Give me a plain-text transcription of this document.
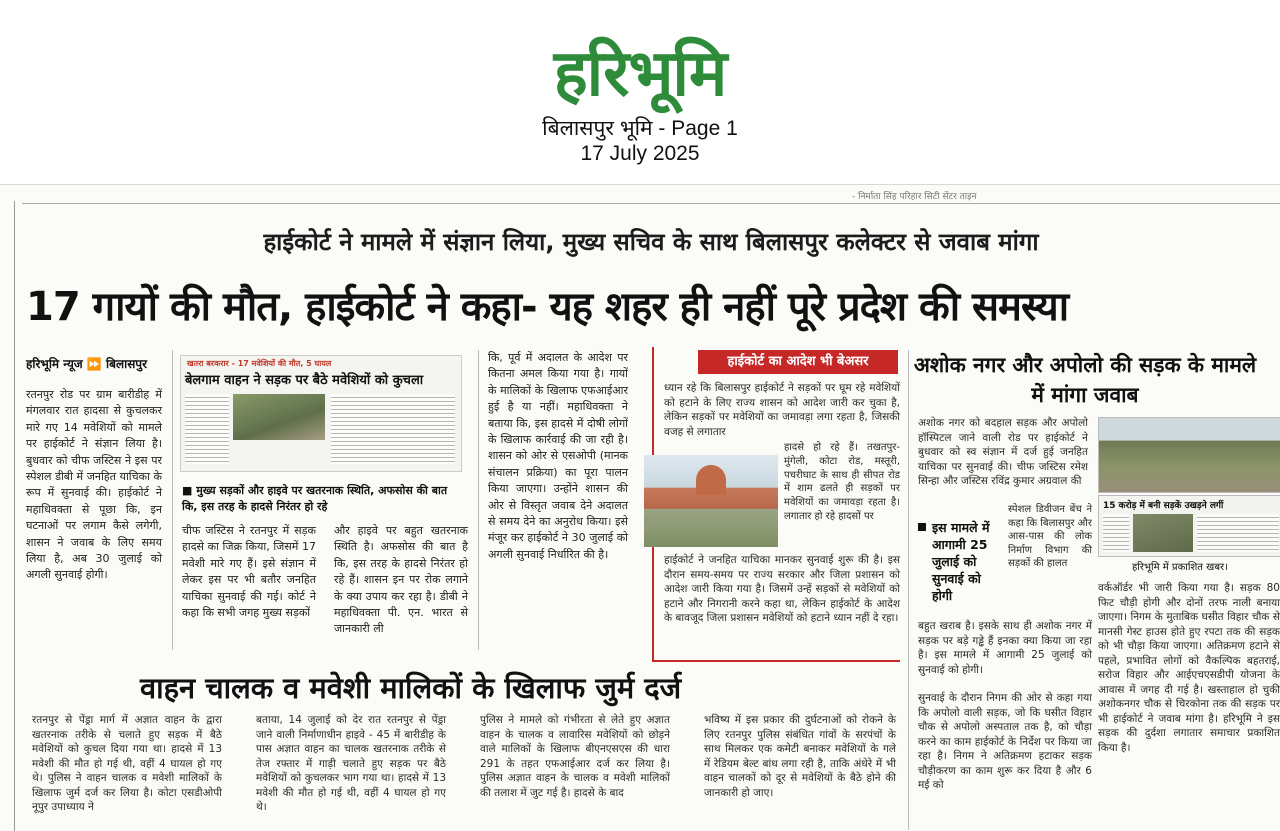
हरिभूमि
बिलासपुर भूमि - Page 1
17 July 2025
- निर्माता सिंह परिहार सिटी सेंटर ताइन
हाईकोर्ट ने मामले में संज्ञान लिया, मुख्य सचिव के साथ बिलासपुर कलेक्टर से जवाब मांगा
17 गायों की मौत, हाईकोर्ट ने कहा- यह शहर ही नहीं पूरे प्रदेश की समस्या
हरिभूमि न्यूज ⏩ बिलासपुर
रतनपुर रोड पर ग्राम बारीडीह में मंगलवार रात हादसा से कुचलकर मारे गए 14 मवेशियों को मामले पर हाईकोर्ट ने संज्ञान लिया है। बुधवार को चीफ जस्टिस ने इस पर स्पेशल डीबी में जनहित याचिका के रूप में सुनवाई की। हाईकोर्ट ने महाधिवक्ता से पूछा कि, इन घटनाओं पर लगाम कैसे लगेगी, शासन ने जवाब के लिए समय लिया है, अब 30 जुलाई को अगली सुनवाई होगी।
खतरा बरकरार - 17 मवेशियों की मौत, 5 घायल
बेलगाम वाहन ने सड़क पर बैठे मवेशियों को कुचला
■ मुख्य सड़कों और हाइवे पर खतरनाक स्थिति, अफसोस की बात कि, इस तरह के हादसे निरंतर हो रहे
चीफ जस्टिस ने रतनपुर में सड़क हादसे का जिक्र किया, जिसमें 17 मवेशी मारे गए हैं। इसे संज्ञान में लेकर इस पर भी बतौर जनहित याचिका सुनवाई की गई। कोर्ट ने कहा कि सभी जगह मुख्य सड़कों
और हाइवे पर बहुत खतरनाक स्थिति है। अफसोस की बात है कि, इस तरह के हादसे निरंतर हो रहे हैं। शासन इन पर रोक लगाने के क्या उपाय कर रहा है। डीबी ने महाधिवक्ता पी. एन. भारत से जानकारी ली
कि, पूर्व में अदालत के आदेश पर कितना अमल किया गया है। गायों के मालिकों के खिलाफ एफआईआर हुई है या नहीं। महाधिवक्ता ने बताया कि, इस हादसे में दोषी लोगों के खिलाफ कार्रवाई की जा रही है। शासन को ओर से एसओपी (मानक संचालन प्रक्रिया) का पूरा पालन किया जाएगा। उन्होंने शासन की ओर से विस्तृत जवाब देने अदालत से समय देने का अनुरोध किया। इसे मंजूर कर हाईकोर्ट ने 30 जुलाई को अगली सुनवाई निर्धारित की है।
हाईकोर्ट का आदेश भी बेअसर
ध्यान रहे कि बिलासपुर हाईकोर्ट ने सड़कों पर घूम रहे मवेशियों को हटाने के लिए राज्य शासन को आदेश जारी कर चुका है, लेकिन सड़कों पर मवेशियों का जमावड़ा लगा रहता है, जिसकी वजह से लगातार
हादसे हो रहे हैं। तखतपुर-मुंगेली, कोटा रोड, मस्तूरी, पचरीघाट के साथ ही सीपत रोड में शाम ढलते ही सड़कों पर मवेशियों का जमावड़ा रहता है। लगातार हो रहे हादसों पर
हाईकोर्ट ने जनहित याचिका मानकर सुनवाई शुरू की है। इस दौरान समय-समय पर राज्य सरकार और जिला प्रशासन को आदेश जारी किया गया है। जिसमें उन्हें सड़कों से मवेशियों को हटाने और निगरानी करने कहा था, लेकिन हाईकोर्ट के आदेश के बावजूद जिला प्रशासन मवेशियों को हटाने ध्यान नहीं दे रहा।
अशोक नगर और अपोलो की सड़क के मामले में मांगा जवाब
अशोक नगर को बदहाल सड़क और अपोलो हॉस्पिटल जाने वाली रोड पर हाईकोर्ट ने बुधवार को स्व संज्ञान में दर्ज हुई जनहित याचिका पर सुनवाई की। चीफ जस्टिस रमेश सिन्हा और जस्टिस रविंद्र कुमार अग्रवाल की
इस मामले में आगामी 25 जुलाई को सुनवाई को होगी
स्पेशल डिवीजन बेंच ने कहा कि बिलासपुर और आस-पास की लोक निर्माण विभाग की सड़कों की हालत
बहुत खराब है। इसके साथ ही अशोक नगर में सड़क पर बड़े गड्ढे हैं इनका क्या किया जा रहा है। इस मामले में आगामी 25 जुलाई को सुनवाई को होगी।
सुनवाई के दौरान निगम की ओर से कहा गया कि अपोलो वाली सड़क, जो कि घसीत विहार चौक से अपोलो अस्पताल तक है, को चौड़ा करने का काम हाईकोर्ट के निर्देश पर किया जा रहा है। निगम ने अतिक्रमण हटाकर सड़क चौड़ीकरण का काम शुरू कर दिया है और 6 मई को
15 करोड़ में बनी सड़कें उखड़ने लगीं
हरिभूमि में प्रकाशित खबर।
वर्कऑर्डर भी जारी किया गया है। सड़क 80 फिट चौड़ी होगी और दोनों तरफ नाली बनाया जाएगा। निगम के मुताबिक घसीत विहार चौक से मानसी गेस्ट हाउस होते हुए रपटा तक की सड़क को भी चौड़ा किया जाएगा। अतिक्रमण हटाने से पहले, प्रभावित लोगों को वैकल्पिक बहतराई, सरोज विहार और आईएचएसडीपी योजना के आवास में जगह दी गई है। खस्ताहाल हो चुकी अशोकनगर चौक से चिरकोना तक की सड़क पर भी हाईकोर्ट ने जवाब मांगा है। हरिभूमि ने इस सड़क की दुर्दशा लगातार समाचार प्रकाशित किया है।
वाहन चालक व मवेशी मालिकों के खिलाफ जुर्म दर्ज
रतनपुर से पेंड्रा मार्ग में अज्ञात वाहन के द्वारा खतरनाक तरीके से चलाते हुए सड़क में बैठे मवेशियों को कुचल दिया गया था। हादसे में 13 मवेशी की मौत हो गई थी, वहीं 4 घायल हो गए थे। पुलिस ने वाहन चालक व मवेशी मालिकों के खिलाफ जुर्म दर्ज कर लिया है। कोटा एसडीओपी नूपुर उपाध्याय ने
बताया, 14 जुलाई को देर रात रतनपुर से पेंड्रा जाने वाली निर्माणाधीन हाइवे - 45 में बारीडीह के पास अज्ञात वाहन का चालक खतरनाक तरीके से तेज रफ्तार में गाड़ी चलाते हुए सड़क पर बैठे मवेशियों को कुचलकर भाग गया था। हादसे में 13 मवेशी की मौत हो गई थी, वहीं 4 घायल हो गए थे।
पुलिस ने मामले को गंभीरता से लेते हुए अज्ञात वाहन के चालक व लावारिस मवेशियों को छोड़ने वाले मालिकों के खिलाफ बीएनएसएस की धारा 291 के तहत एफआईआर दर्ज कर लिया है। पुलिस अज्ञात वाहन के चालक व मवेशी मालिकों की तलाश में जुट गई है। हादसे के बाद
भविष्य में इस प्रकार की दुर्घटनाओं को रोकने के लिए रतनपुर पुलिस संबंधित गांवों के सरपंचों के साथ मिलकर एक कमेटी बनाकर मवेशियों के गले में रेडियम बेल्ट बांध लगा रही है, ताकि अंधेरे में भी वाहन चालकों को दूर से मवेशियों के बैठे होने की जानकारी हो जाए।
